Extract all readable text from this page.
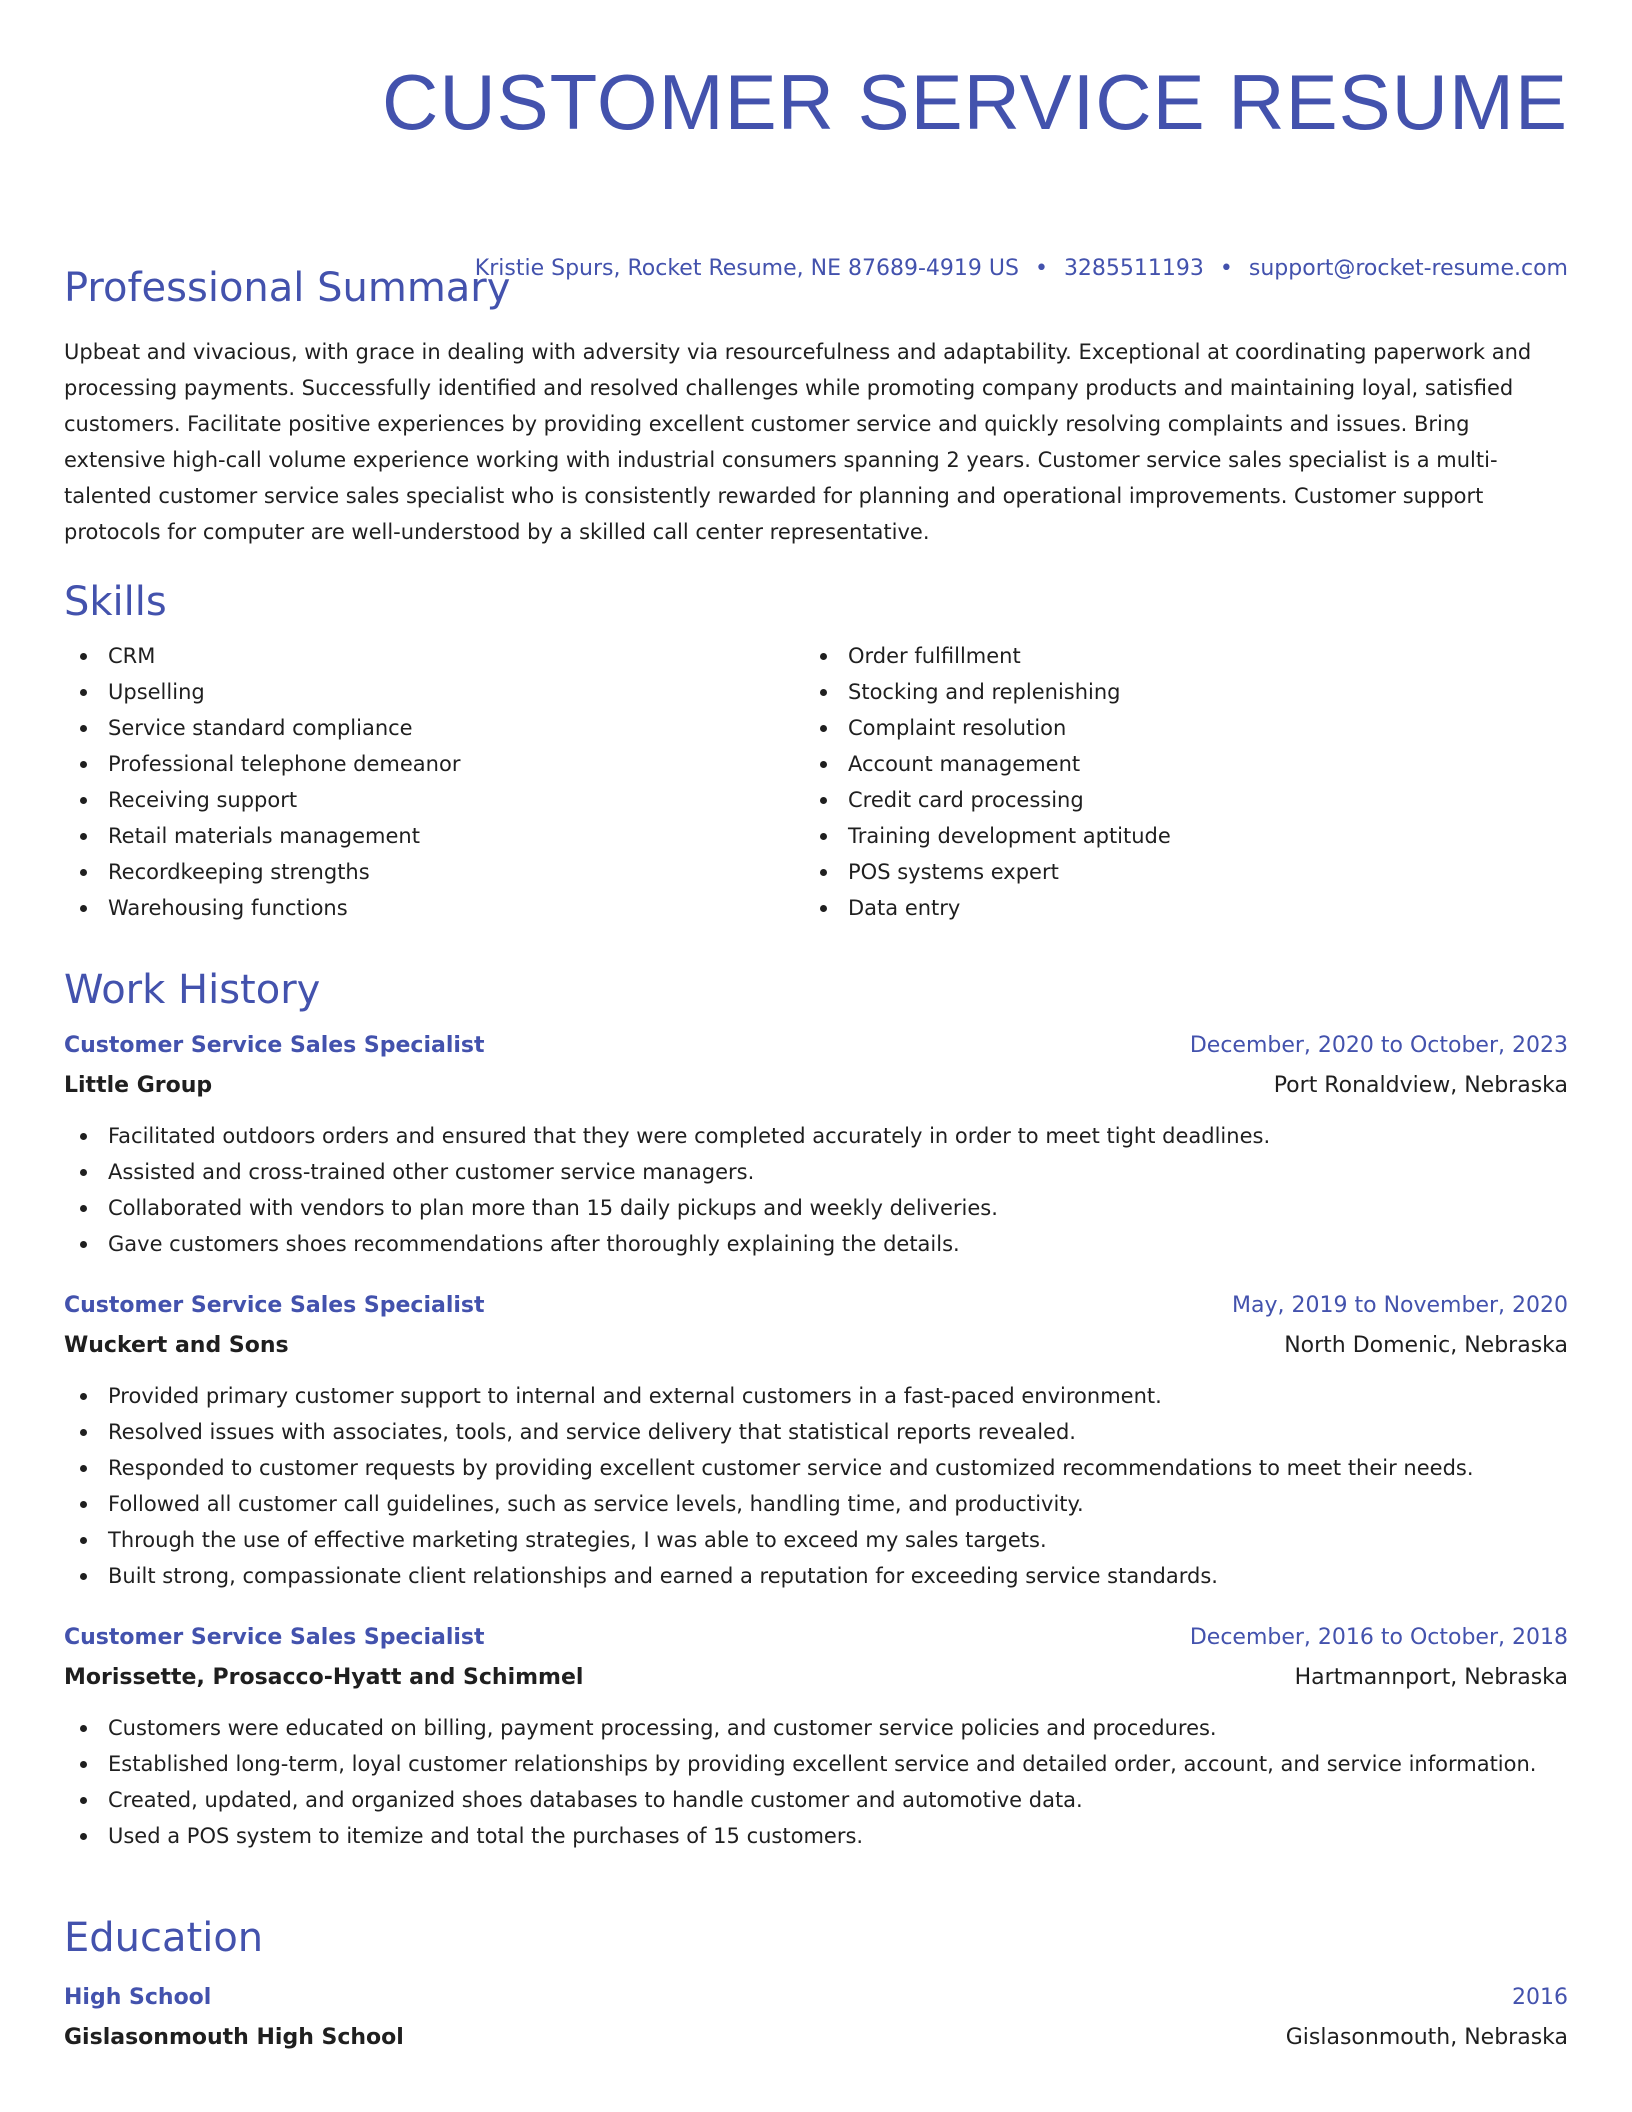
CUSTOMER SERVICE RESUME
Kristie Spurs, Rocket Resume, NE 87689-4919 US • 3285511193 • support@rocket-resume.com
Professional Summary

Upbeat and vivacious, with grace in dealing with adversity via resourcefulness and adaptability. Exceptional at coordinating paperwork and processing payments. Successfully identified and resolved challenges while promoting company products and maintaining loyal, satisfied customers. Facilitate positive experiences by providing excellent customer service and quickly resolving complaints and issues. Bring extensive high-call volume experience working with industrial consumers spanning 2 years. Customer service sales specialist is a multi-talented customer service sales specialist who is consistently rewarded for planning and operational improvements. Customer support protocols for computer are well-understood by a skilled call center representative.

Skills
CRM
Upselling
Service standard compliance
Professional telephone demeanor
Receiving support
Retail materials management
Recordkeeping strengths
Warehousing functions
Order fulfillment
Stocking and replenishing
Complaint resolution
Account management
Credit card processing
Training development aptitude
POS systems expert
Data entry
Work History
Customer Service Sales Specialist	December, 2020 to October, 2023
Little Group	Port Ronaldview, Nebraska
Facilitated outdoors orders and ensured that they were completed accurately in order to meet tight deadlines.
Assisted and cross-trained other customer service managers.
Collaborated with vendors to plan more than 15 daily pickups and weekly deliveries.
Gave customers shoes recommendations after thoroughly explaining the details.
Customer Service Sales Specialist	May, 2019 to November, 2020
Wuckert and Sons	North Domenic, Nebraska
Provided primary customer support to internal and external customers in a fast-paced environment.
Resolved issues with associates, tools, and service delivery that statistical reports revealed.
Responded to customer requests by providing excellent customer service and customized recommendations to meet their needs.
Followed all customer call guidelines, such as service levels, handling time, and productivity.
Through the use of effective marketing strategies, I was able to exceed my sales targets.
Built strong, compassionate client relationships and earned a reputation for exceeding service standards.
Customer Service Sales Specialist	December, 2016 to October, 2018
Morissette, Prosacco-Hyatt and Schimmel	Hartmannport, Nebraska
Customers were educated on billing, payment processing, and customer service policies and procedures.
Established long-term, loyal customer relationships by providing excellent service and detailed order, account, and service information.
Created, updated, and organized shoes databases to handle customer and automotive data.
Used a POS system to itemize and total the purchases of 15 customers.
Education
High School	2016
Gislasonmouth High School	Gislasonmouth, Nebraska
